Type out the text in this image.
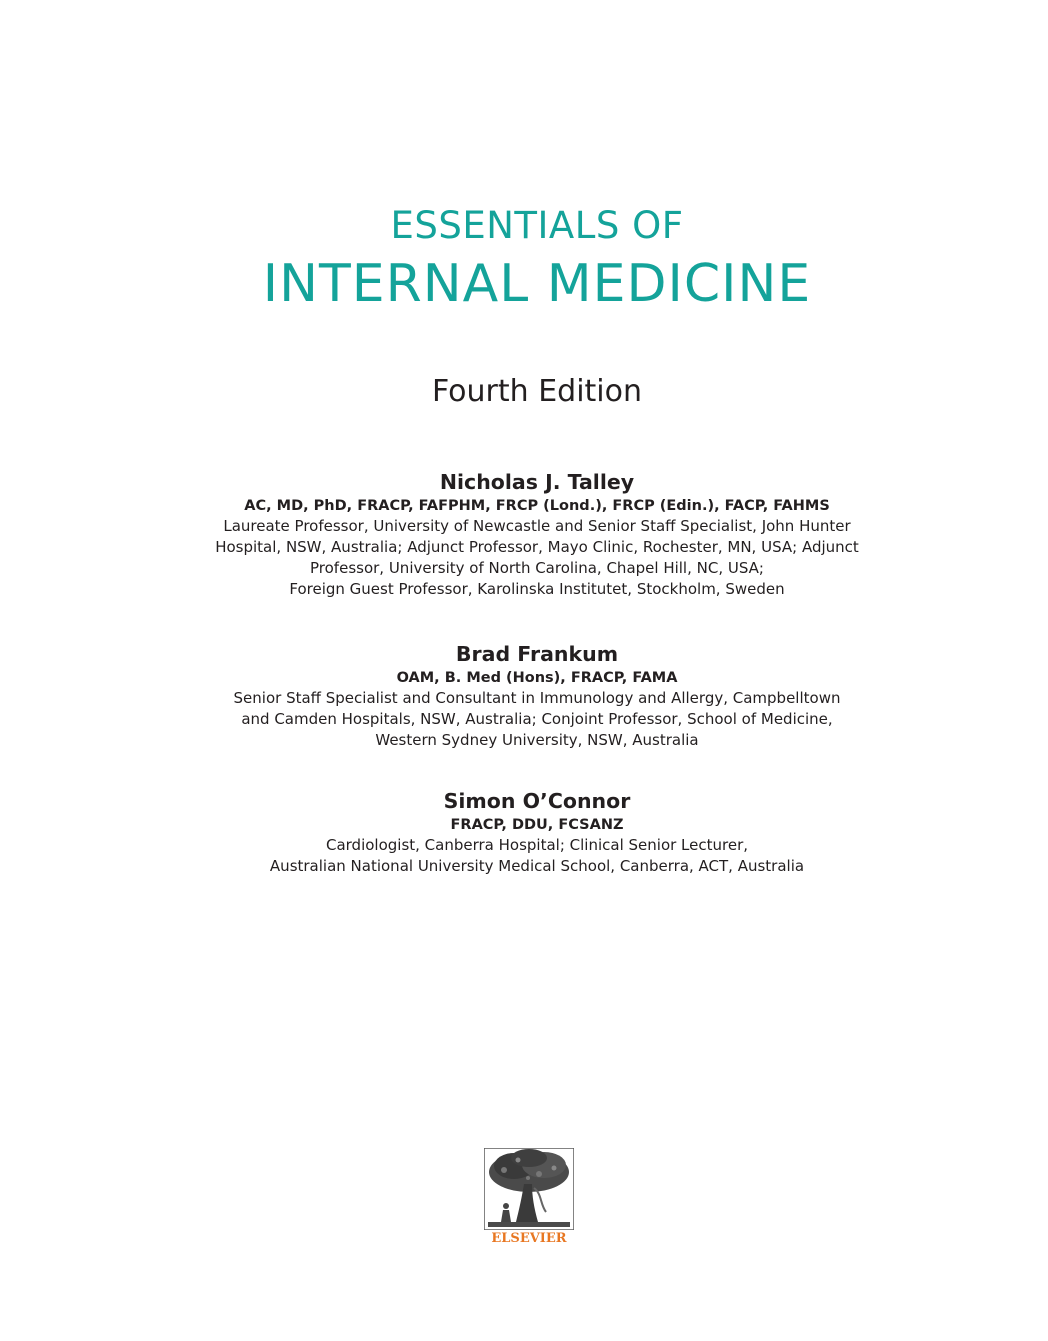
ESSENTIALS OF
INTERNAL MEDICINE
Fourth Edition
Nicholas J. Talley
AC, MD, PhD, FRACP, FAFPHM, FRCP (Lond.), FRCP (Edin.), FACP, FAHMS
Laureate Professor, University of Newcastle and Senior Staff Specialist, John Hunter
Hospital, NSW, Australia; Adjunct Professor, Mayo Clinic, Rochester, MN, USA; Adjunct
Professor, University of North Carolina, Chapel Hill, NC, USA;
Foreign Guest Professor, Karolinska Institutet, Stockholm, Sweden
Brad Frankum
OAM, B. Med (Hons), FRACP, FAMA
Senior Staff Specialist and Consultant in Immunology and Allergy, Campbelltown
and Camden Hospitals, NSW, Australia; Conjoint Professor, School of Medicine,
Western Sydney University, NSW, Australia
Simon O’Connor
FRACP, DDU, FCSANZ
Cardiologist, Canberra Hospital; Clinical Senior Lecturer,
Australian National University Medical School, Canberra, ACT, Australia
ELSEVIER
